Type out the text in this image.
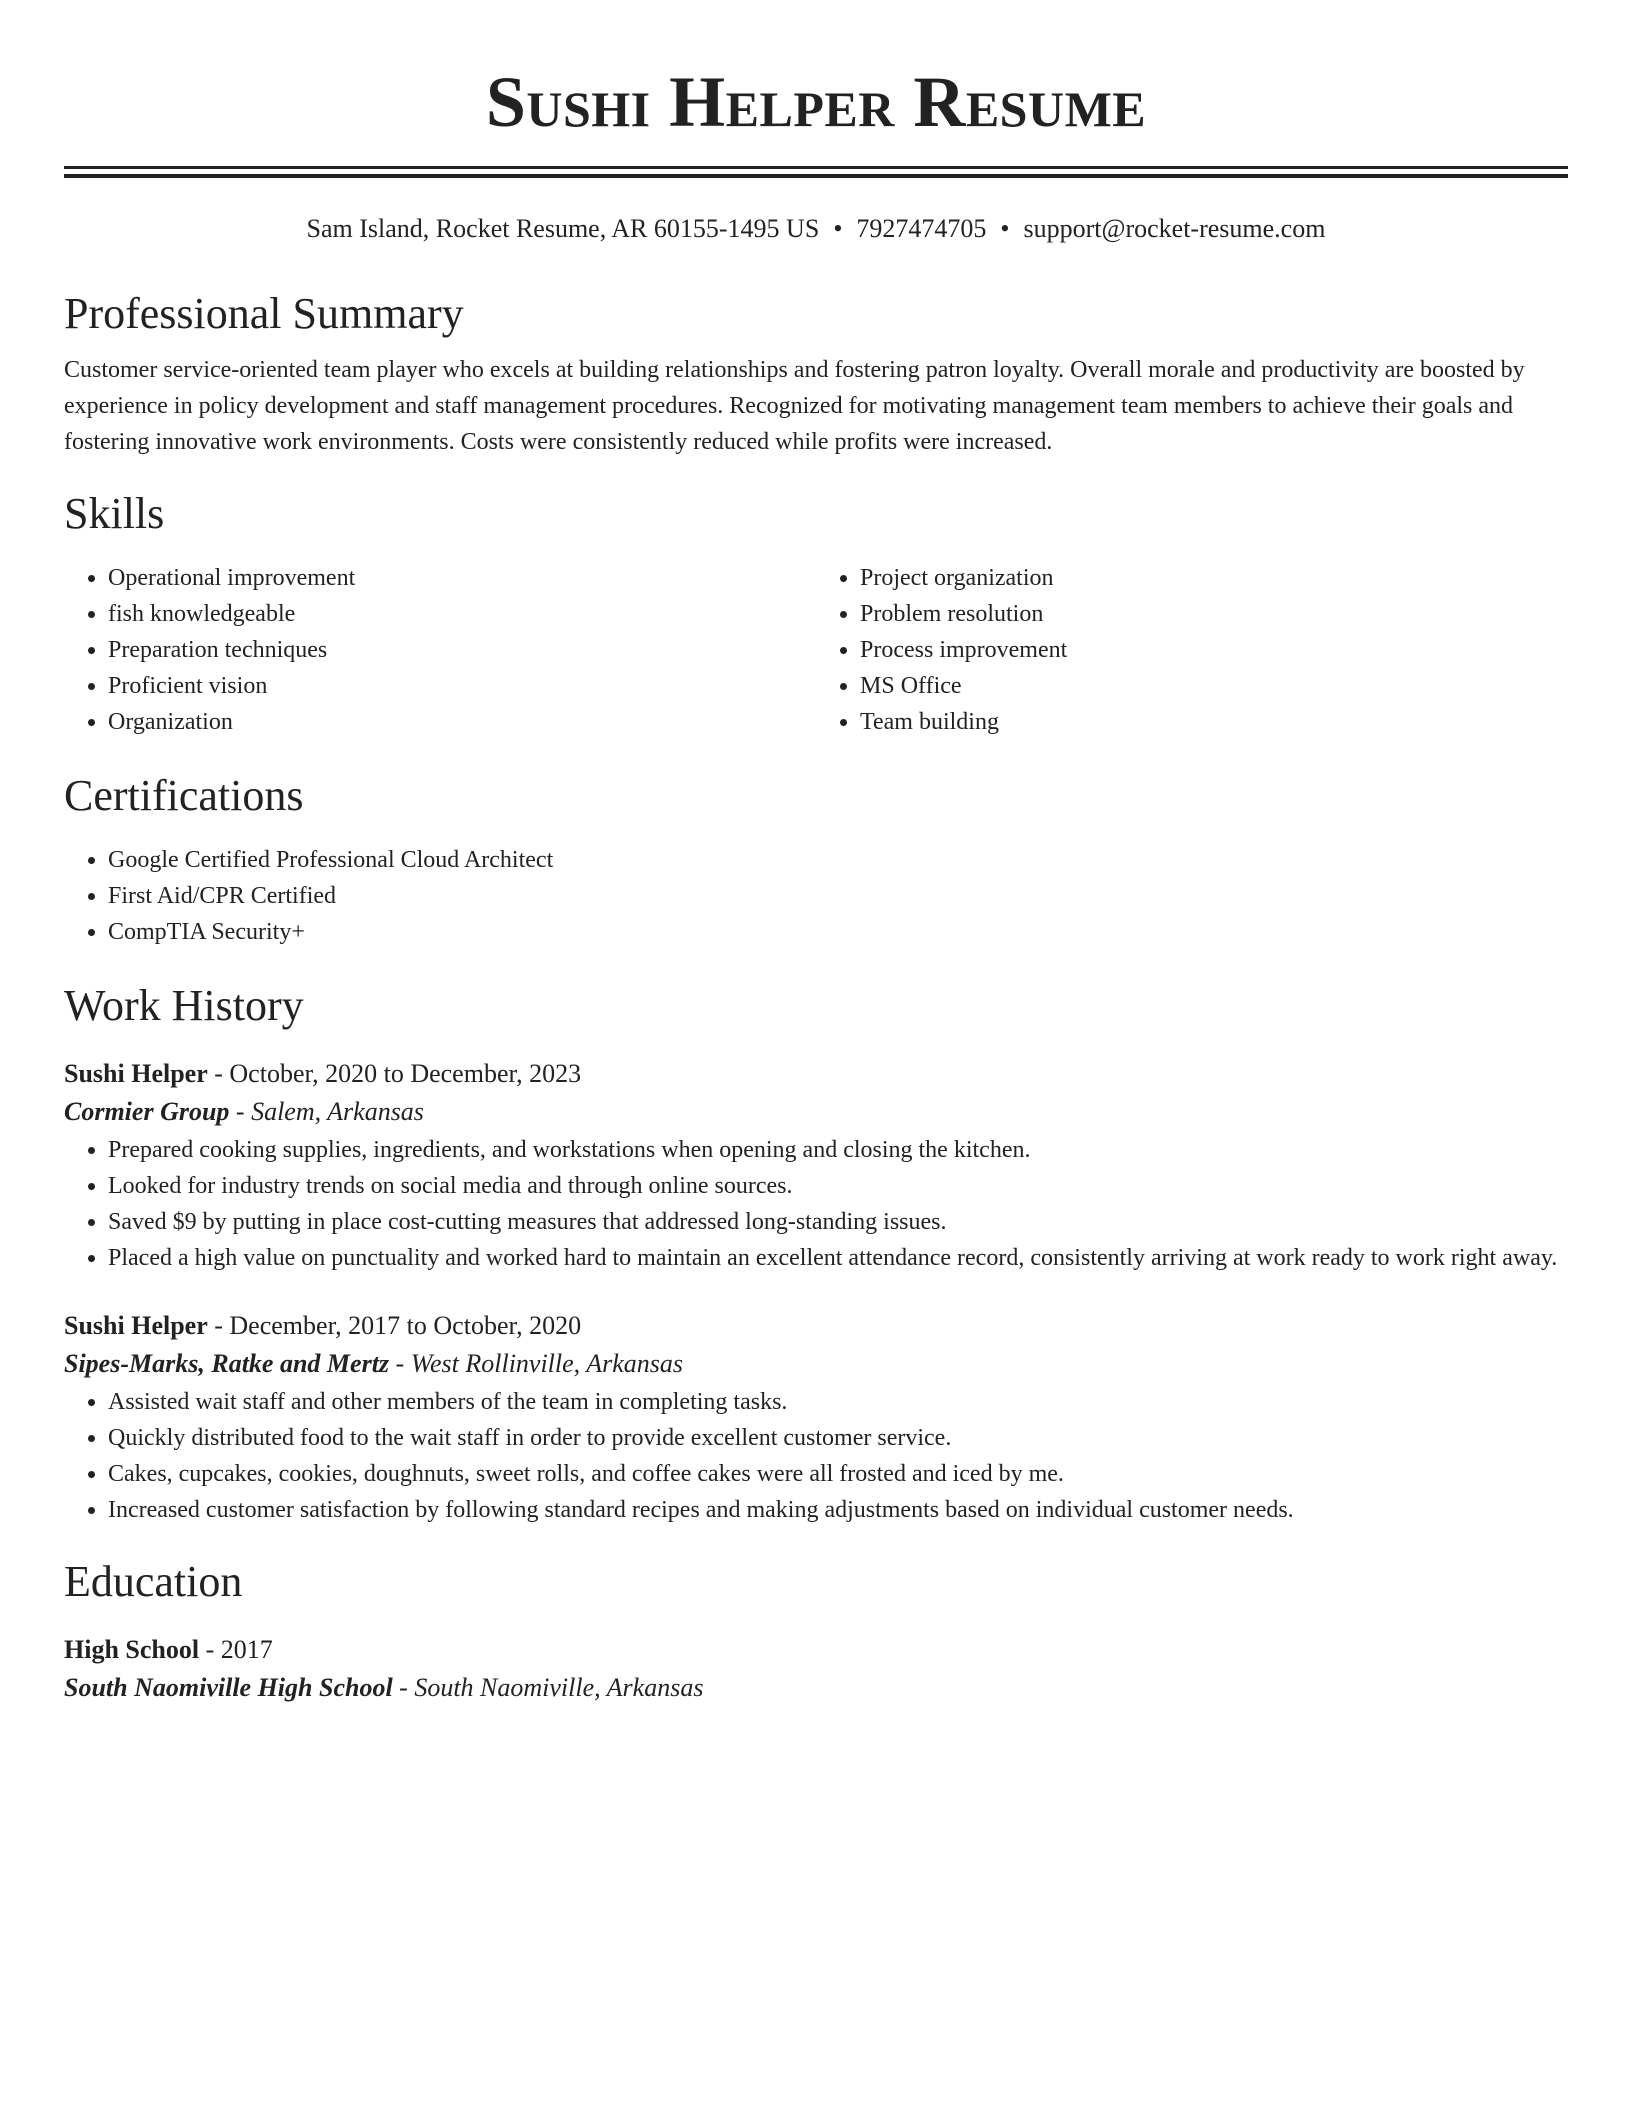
Sushi Helper Resume
Sam Island, Rocket Resume, AR 60155-1495 US • 7927474705 • support@rocket-resume.com
Professional Summary

Customer service-oriented team player who excels at building relationships and fostering patron loyalty. Overall morale and productivity are boosted by experience in policy development and staff management procedures. Recognized for motivating management team members to achieve their goals and fostering innovative work environments. Costs were consistently reduced while profits were increased.

Skills
• Operational improvement
• fish knowledgeable
• Preparation techniques
• Proficient vision
• Organization
• Project organization
• Problem resolution
• Process improvement
• MS Office
• Team building
Certifications
• Google Certified Professional Cloud Architect
• First Aid/CPR Certified
• CompTIA Security+
Work History
Sushi Helper - October, 2020 to December, 2023
Cormier Group - Salem, Arkansas
• Prepared cooking supplies, ingredients, and workstations when opening and closing the kitchen.
• Looked for industry trends on social media and through online sources.
• Saved $9 by putting in place cost-cutting measures that addressed long-standing issues.
• Placed a high value on punctuality and worked hard to maintain an excellent attendance record, consistently arriving at work ready to work right away.
Sushi Helper - December, 2017 to October, 2020
Sipes-Marks, Ratke and Mertz - West Rollinville, Arkansas
• Assisted wait staff and other members of the team in completing tasks.
• Quickly distributed food to the wait staff in order to provide excellent customer service.
• Cakes, cupcakes, cookies, doughnuts, sweet rolls, and coffee cakes were all frosted and iced by me.
• Increased customer satisfaction by following standard recipes and making adjustments based on individual customer needs.
Education
High School - 2017
South Naomiville High School - South Naomiville, Arkansas
